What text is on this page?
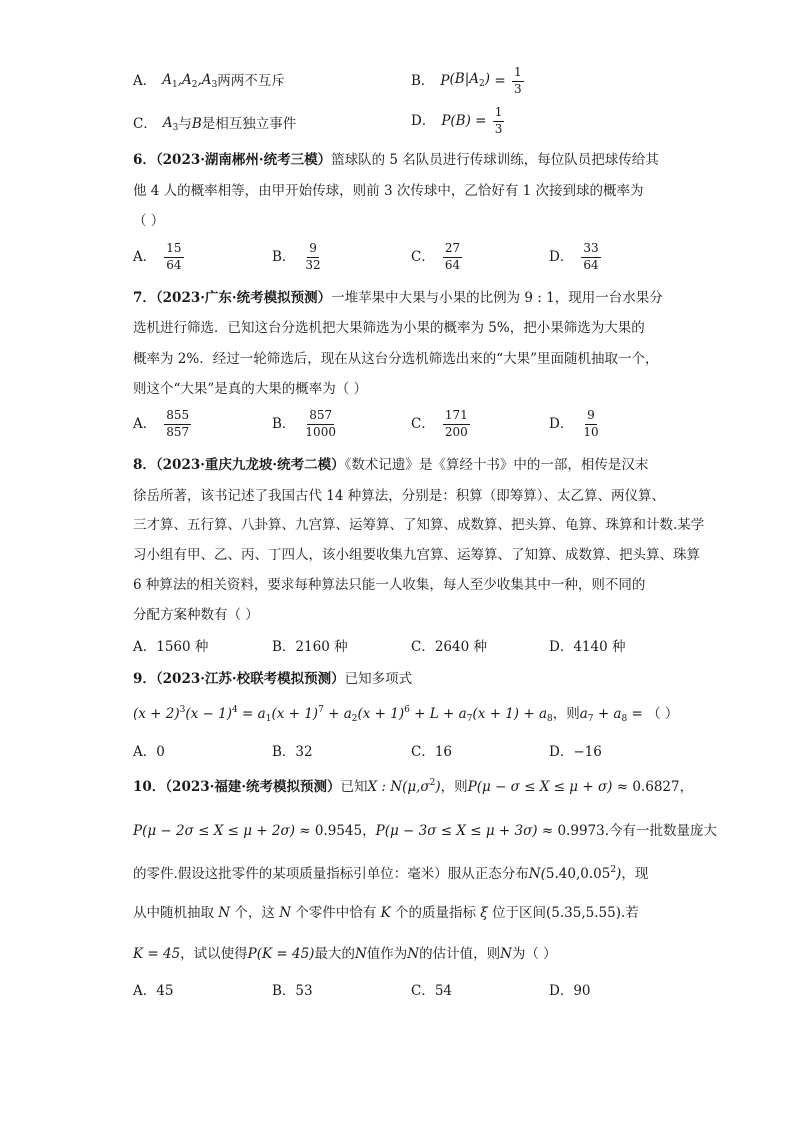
A． $A_1,A_2,A_3$ 两两不互斥	B． P $(B|A_2) = \frac{1}{3}$
C． $A_3$ 与 B 是相互独立事件	D． $P(B) = \frac{1}{3}$
6．（2023·湖南郴州·统考三模）篮球队的 5 名队员进行传球训练，每位队员把球传给其
他 4 人的概率相等，由甲开始传球，则前 3 次传球中，乙恰好有 1 次接到球的概率为
（ ）
A． $\frac{15}{64}$	B． $\frac{9}{32}$	C． $\frac{27}{64}$	D． $\frac{33}{64}$
7．（2023·广东·统考模拟预测）一堆苹果中大果与小果的比例为 9 : 1，现用一台水果分
选机进行筛选．已知这台分选机把大果筛选为小果的概率为 5%，把小果筛选为大果的
概率为 2%．经过一轮筛选后，现在从这台分选机筛选出来的“大果”里面随机抽取一个，
则这个“大果”是真的大果的概率为（ ）
A． $\frac{855}{857}$	B． $\frac{857}{1000}$	C． $\frac{171}{200}$	D． $\frac{9}{10}$
8．（2023·重庆九龙坡·统考二模）《数术记遗》是《算经十书》中的一部，相传是汉末
徐岳所著，该书记述了我国古代 14 种算法，分别是：积算（即筹算）、太乙算、两仪算、
三才算、五行算、八卦算、九宫算、运筹算、了知算、成数算、把头算、龟算、珠算和计数.某学
习小组有甲、乙、丙、丁四人，该小组要收集九宫算、运筹算、了知算、成数算、把头算、珠算
6 种算法的相关资料，要求每种算法只能一人收集，每人至少收集其中一种，则不同的
分配方案种数有（ ）
A．1560 种	B．2160 种	C．2640 种	D．4140 种
9．（2023·江苏·校联考模拟预测）已知多项式
$(x + 2)^3(x - 1)^4 = a_1(x + 1)^7 + a_2(x + 1)^6 + L + a_7(x + 1) + a_8$，则$a_7 + a_8$ = （ ）
A．0	B．32	C．16	D．−16
10．（2023·福建·统考模拟预测）已知X : $N(\mu,\sigma^2)$，则P(μ − σ ≤ X ≤ μ + σ) ≈ 0.6827，
P(μ − 2σ ≤ X ≤ μ + 2σ) ≈ 0.9545，P(μ − 3σ ≤ X ≤ μ + 3σ) ≈ 0.9973.今有一批数量庞大
的零件.假设这批零件的某项质量指标引单位：毫米）服从正态分布N(5.40,0.05$^2$)，现
从中随机抽取 N 个，这 N 个零件中恰有 K 个的质量指标 ξ 位于区间(5.35,5.55).若
K = 45，试以使得P(K = 45)最大的N值作为N的估计值，则N为（ ）
A．45	B．53	C．54	D．90
